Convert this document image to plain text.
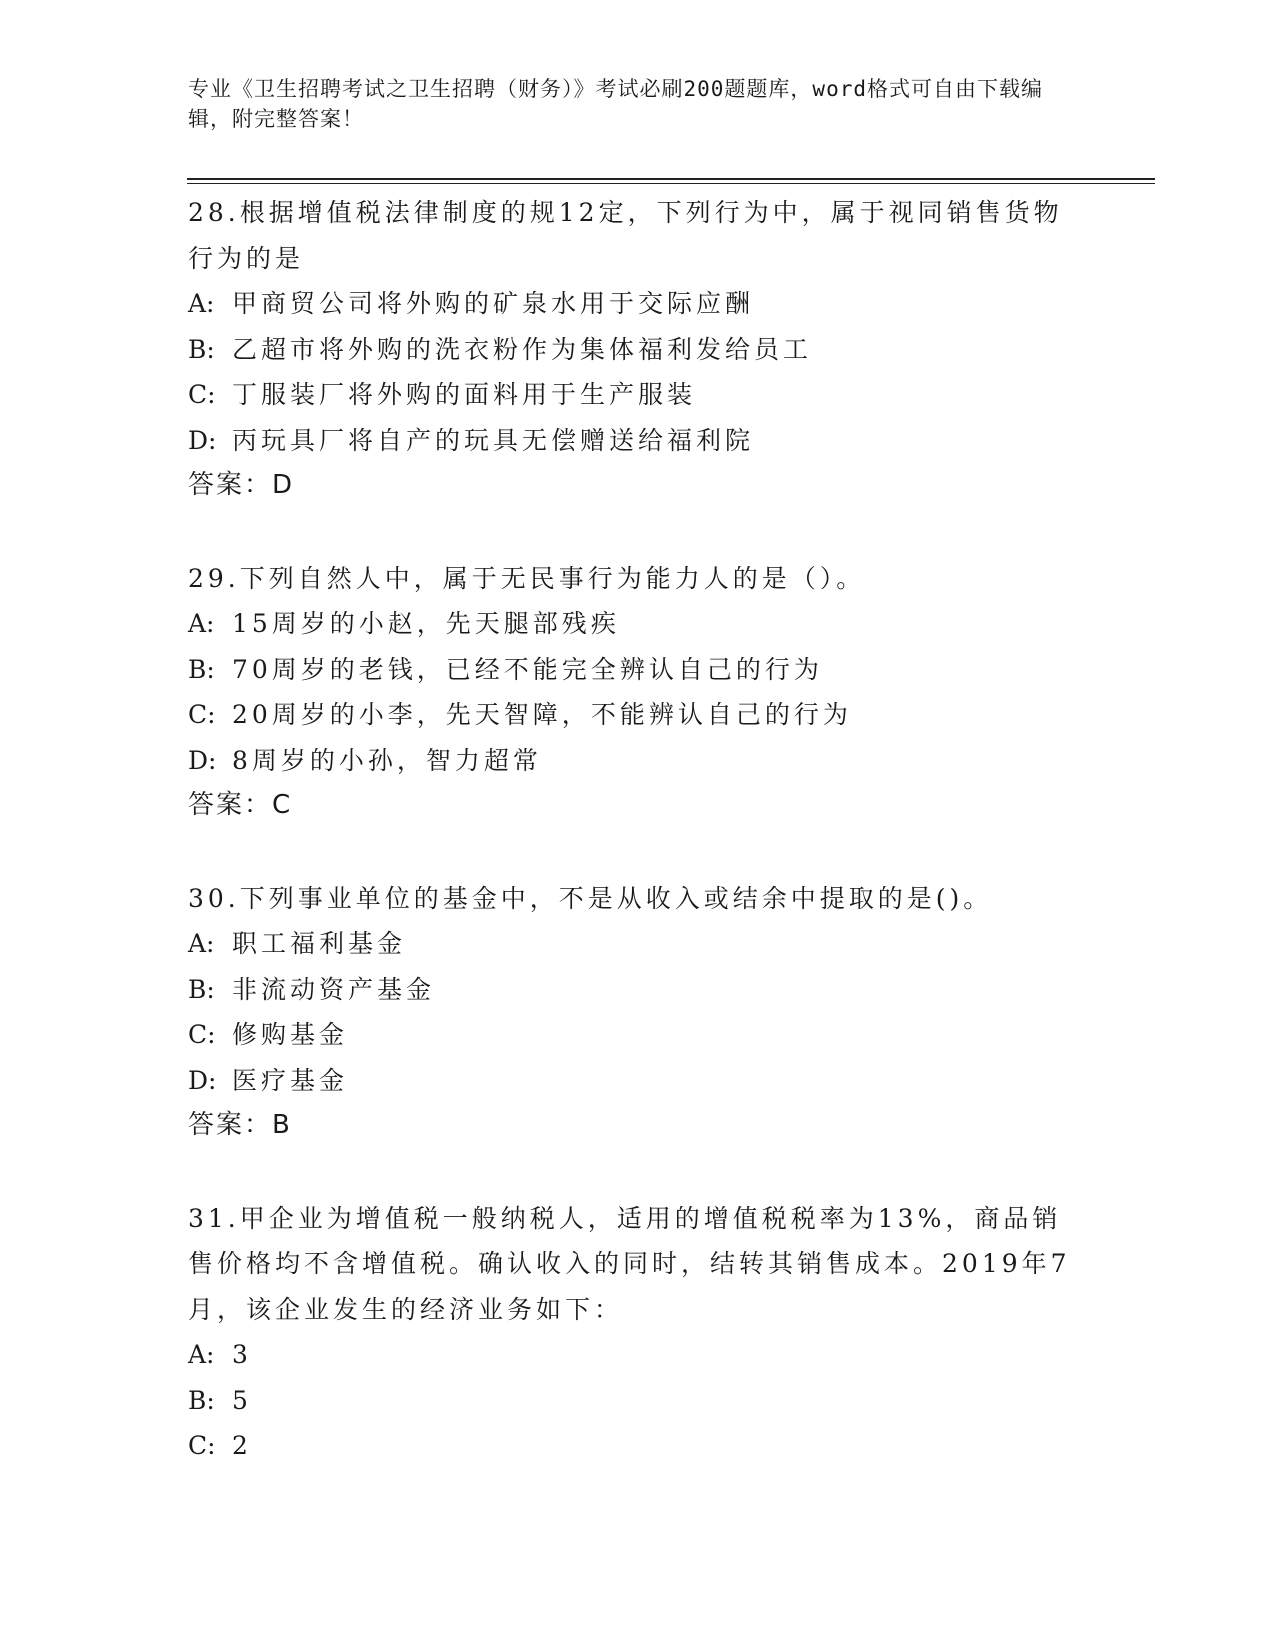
专业《卫生招聘考试之卫生招聘（财务）》考试必刷200题题库，word格式可自由下载编辑，附完整答案！

28.根据增值税法律制度的规12定，下列行为中，属于视同销售货物行为的是

A: 甲商贸公司将外购的矿泉水用于交际应酬

B: 乙超市将外购的洗衣粉作为集体福利发给员工

C: 丁服装厂将外购的面料用于生产服装

D: 丙玩具厂将自产的玩具无偿赠送给福利院

答案：D

29.下列自然人中，属于无民事行为能力人的是（）。

A: 15周岁的小赵，先天腿部残疾

B: 70周岁的老钱，已经不能完全辨认自己的行为

C: 20周岁的小李，先天智障，不能辨认自己的行为

D: 8周岁的小孙，智力超常

答案：C

30.下列事业单位的基金中，不是从收入或结余中提取的是()。

A: 职工福利基金

B: 非流动资产基金

C: 修购基金

D: 医疗基金

答案：B

31.甲企业为增值税一般纳税人，适用的增值税税率为13%，商品销售价格均不含增值税。确认收入的同时，结转其销售成本。2019年7月，该企业发生的经济业务如下：

A: 3

B: 5

C: 2
